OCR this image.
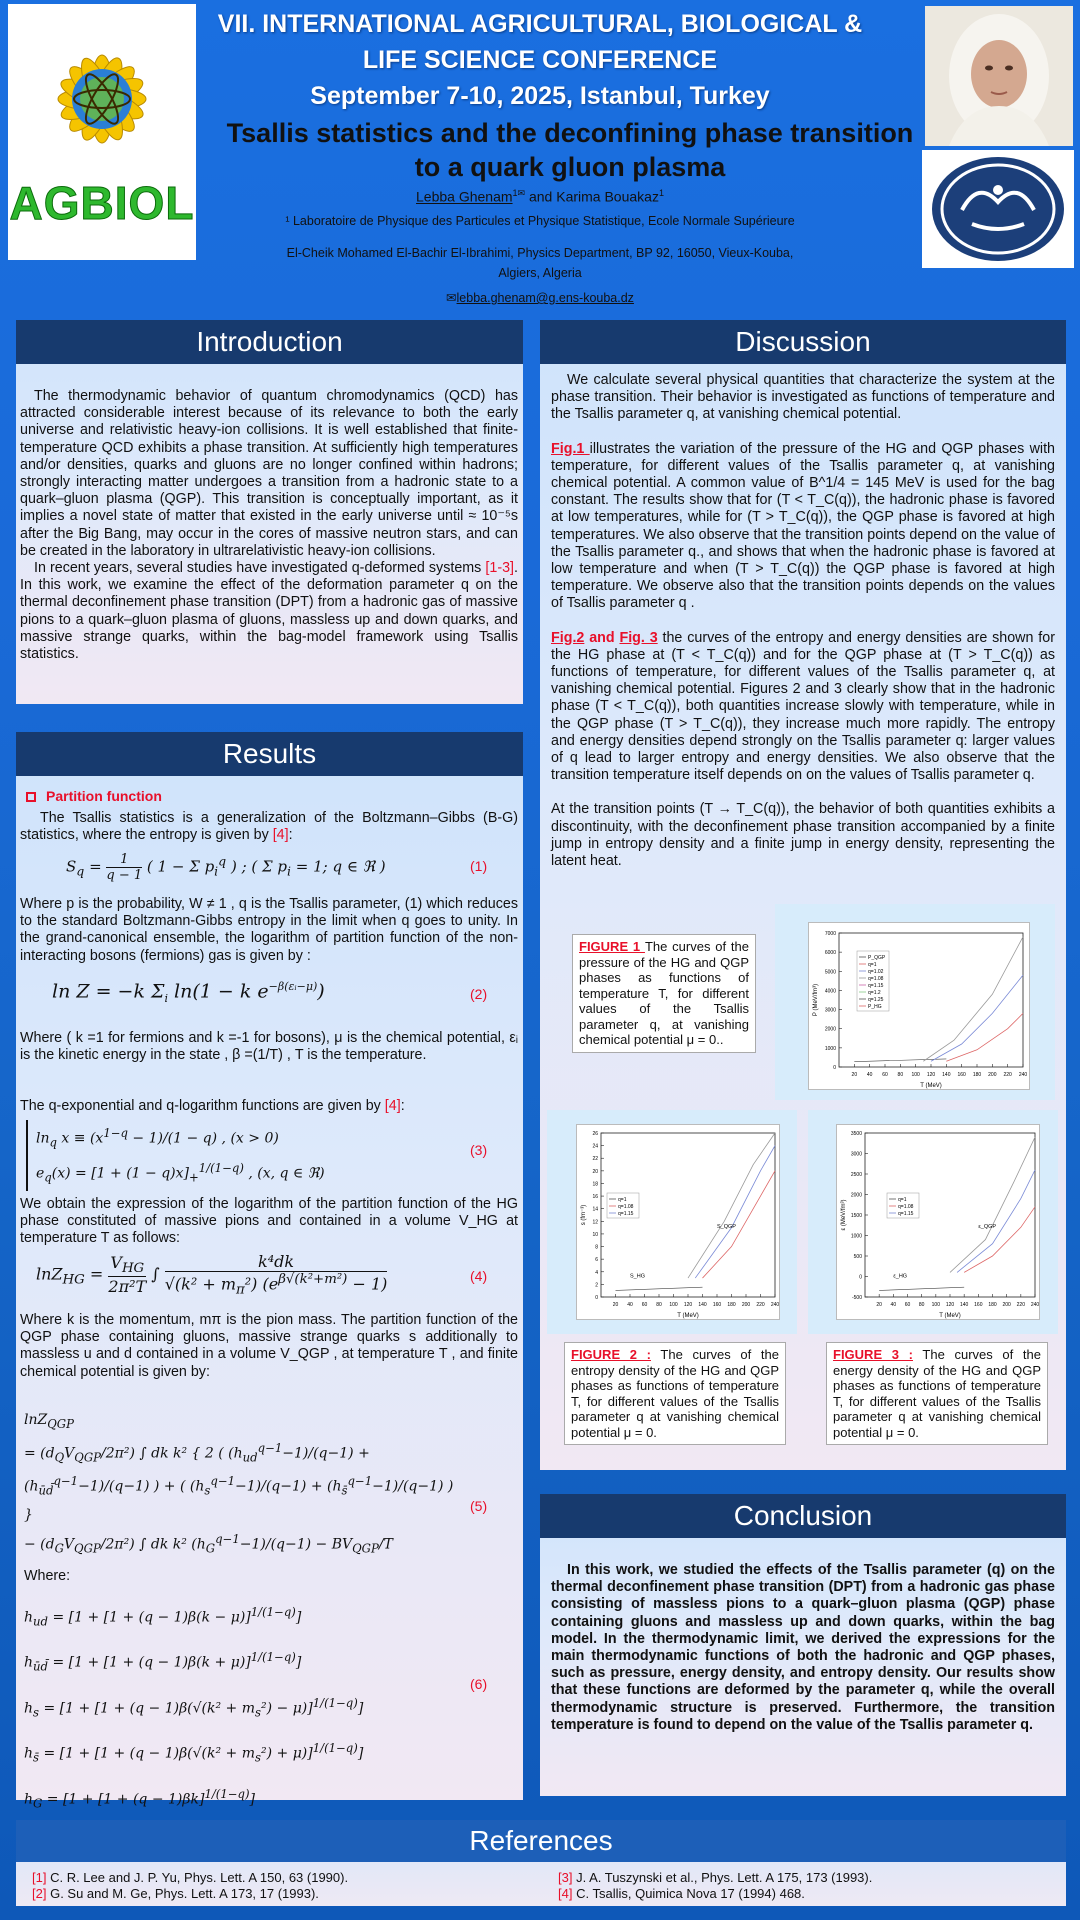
AGBIOL
VII. INTERNATIONAL AGRICULTURAL, BIOLOGICAL &
LIFE SCIENCE CONFERENCE
September 7-10, 2025, Istanbul, Turkey
Tsallis statistics and the deconfining phase transition
to a quark gluon plasma
Lebba Ghenam$^{1✉}$ and Karima Bouakaz$^1$
¹ Laboratoire de Physique des Particules et Physique Statistique, Ecole Normale Supérieure
El-Cheik Mohamed El-Bachir El-Ibrahimi, Physics Department, BP 92, 16050, Vieux-Kouba,
Algiers, Algeria
✉lebba.ghenam@g.ens-kouba.dz
Introduction

The thermodynamic behavior of quantum chromodynamics (QCD) has attracted considerable interest because of its relevance to both the early universe and relativistic heavy-ion collisions. It is well established that finite-temperature QCD exhibits a phase transition. At sufficiently high temperatures and/or densities, quarks and gluons are no longer confined within hadrons; strongly interacting matter undergoes a transition from a hadronic state to a quark–gluon plasma (QGP). This transition is conceptually important, as it implies a novel state of matter that existed in the early universe until ≈ 10⁻⁵s after the Big Bang, may occur in the cores of massive neutron stars, and can be created in the laboratory in ultrarelativistic heavy-ion collisions.

In recent years, several studies have investigated q-deformed systems [1-3]. In this work, we examine the effect of the deformation parameter q on the thermal deconfinement phase transition (DPT) from a hadronic gas of massive pions to a quark–gluon plasma of gluons, massless up and down quarks, and massive strange quarks, within the bag-model framework using Tsallis statistics.

Results
Partition function
The Tsallis statistics is a generalization of the Boltzmann–Gibbs (B-G) statistics, where the entropy is given by [4]:
$S_q$ =	1
q − 1 ( 1 − Σ $p_i^q$ ) ; ( Σ $p_i = 1$; q ∈ ℜ )	(1)
Where p is the probability, W ≠ 1 , q is the Tsallis parameter, (1) which reduces to the standard Boltzmann-Gibbs entropy in the limit when q goes to unity. In the grand-canonical ensemble, the logarithm of partition function of the non-interacting bosons (fermions) gas is given by :
ln Z = −k $\Sigma_i$ ln(1 − k $e^{-\beta(\varepsilon ᵢ-\mu)}$)	(2)
Where ( k =1 for fermions and k =-1 for bosons), μ is the chemical potential, εᵢ is the kinetic energy in the state , β =(1/T) , T is the temperature.
The q-exponential and q-logarithm functions are given by [4]:
$\ln_q x \equiv (x^{1-q} - 1)/(1 - q)$ , (x > 0)
$e_q(x) = [1 + (1 - q)x]_+^{1/(1-q)}$ , (x, q ∈ ℜ)
(3)
We obtain the expression of the logarithm of the partition function of the HG phase constituted of massive pions and contained in a volume V_HG at temperature T as follows:
lnZ$_{HG}$ =
$V_{HG}$
2π²T ∫
k⁴dk
$√(k^2 + m_\pi^2)$ $(e^{\beta√(k^2+m^2)} - 1)$	(4)
Where k is the momentum, mπ is the pion mass. The partition function of the QGP phase containing gluons, massive strange quarks s additionally to massless u and d contained in a volume V_QGP , at temperature T , and finite chemical potential is given by:
lnZ$_{QGP}$
= $(d_QV_{QGP}/2\pi^2)$ ∫ dk k² { 2 ( $(h_{ud}^{q-1}-1)/(q-1) + (h_{ūd̄}^{q-1}-1)/(q-1)$ ) + ( $(h_s^{q-1}-1)/(q-1) + (h_{s̄}^{q-1}-1)/(q-1)$ ) }
− $(d_GV_{QGP}/2\pi^2)$ ∫ dk k² $(h_G^{q-1}-1)/(q-1) - BV_{QGP}/T$
(5)
Where:
$h_{ud} = [1 + [1 + (q - 1)\beta(k - \mu)]^{1/(1-q)}]$
$h_{ūd̄} = [1 + [1 + (q - 1)\beta(k + \mu)]^{1/(1-q)}]$
$h_s = [1 + [1 + (q - 1)\beta(√(k^2 + m_s^2) - \mu)]^{1/(1-q)}]$
$h_{s̄} = [1 + [1 + (q - 1)\beta(√(k^2 + m_s^2) + \mu)]^{1/(1-q)}]$
$h_G = [1 + [1 + (q - 1)\beta k]^{1/(1-q)}]$
(6)
Discussion

We calculate several physical quantities that characterize the system at the phase transition. Their behavior is investigated as functions of temperature and the Tsallis parameter q, at vanishing chemical potential.

Fig.1 illustrates the variation of the pressure of the HG and QGP phases with temperature, for different values of the Tsallis parameter q, at vanishing chemical potential. A common value of B^1/4 = 145 MeV is used for the bag constant. The results show that for (T < T_C(q)), the hadronic phase is favored at low temperatures, while for (T > T_C(q)), the QGP phase is favored at high temperatures. We also observe that the transition points depend on the value of the Tsallis parameter q., and shows that when the hadronic phase is favored at low temperature and when (T > T_C(q)) the QGP phase is favored at high temperature. We observe also that the transition points depends on the values of Tsallis parameter q .

Fig.2 and Fig. 3 the curves of the entropy and energy densities are shown for the HG phase at (T < T_C(q)) and for the QGP phase at (T > T_C(q)) as functions of temperature, for different values of the Tsallis parameter q, at vanishing chemical potential. Figures 2 and 3 clearly show that in the hadronic phase (T < T_C(q)), both quantities increase slowly with temperature, while in the QGP phase (T > T_C(q)), they increase much more rapidly. The entropy and energy densities depend strongly on the Tsallis parameter q: larger values of q lead to larger entropy and energy densities. We also observe that the transition temperature itself depends on on the values of Tsallis parameter q.

At the transition points (T → T_C(q)), the behavior of both quantities exhibits a discontinuity, with the deconfinement phase transition accompanied by a finite jump in entropy density and a finite jump in energy density, representing the latent heat.

20 40 60 80 100 120 140 160 180 200 220 240
0
1000
2000
3000
4000
5000
6000
7000
T (MeV)
P (MeV/fm³)
P_QGP
q=1
q=1.02
q=1.08
q=1.15
q=1.2
q=1.25
P_HG
FIGURE 1 The curves of the pressure of the HG and QGP phases as functions of temperature T, for different values of the Tsallis parameter q, at vanishing chemical potential μ = 0..
20 40 60 80 100 120 140 160 180 200 220 240
0
2
4
6
8
10
12
14
16
18
20
22
24
26
T (MeV)
s (fm⁻³)
q=1
q=1.08
q=1.15
S_QGP
S_HG
FIGURE 2 : The curves of the entropy density of the HG and QGP phases as functions of temperature T, for different values of the Tsallis parameter q at vanishing chemical potential μ = 0.
20 40 60 80 100 120 140 160 180 200 220 240
-500
0
500
1000
1500
2000
2500
3000
3500
T (MeV)
ε (MeV/fm³)	q=1
q=1.08
q=1.15
ε_QGP
ε_HG
FIGURE 3 : The curves of the energy density of the HG and QGP phases as functions of temperature T, for different values of the Tsallis parameter q at vanishing chemical potential μ = 0.
Conclusion
In this work, we studied the effects of the Tsallis parameter (q) on the thermal deconfinement phase transition (DPT) from a hadronic gas phase consisting of massless pions to a quark–gluon plasma (QGP) phase containing gluons and massless up and down quarks, within the bag model. In the thermodynamic limit, we derived the expressions for the main thermodynamic functions of both the hadronic and QGP phases, such as pressure, energy density, and entropy density. Our results show that these functions are deformed by the parameter q, while the overall thermodynamic structure is preserved. Furthermore, the transition temperature is found to depend on the value of the Tsallis parameter q.
References
[1] C. R. Lee and J. P. Yu, Phys. Lett. A 150, 63 (1990).
[2] G. Su and M. Ge, Phys. Lett. A 173, 17 (1993).
[3] J. A. Tuszynski et al., Phys. Lett. A 175, 173 (1993).
[4] C. Tsallis, Quimica Nova 17 (1994) 468.
